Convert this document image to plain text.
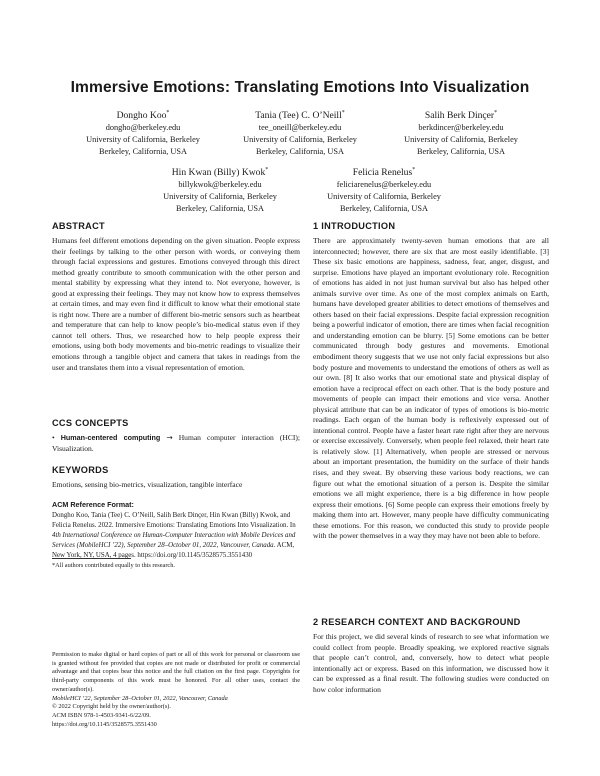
Immersive Emotions: Translating Emotions Into Visualization
Dongho Koo*
dongho@berkeley.edu
University of California, Berkeley
Berkeley, California, USA
Tania (Tee) C. O’Neill*
tee_oneill@berkeley.edu
University of California, Berkeley
Berkeley, California, USA
Salih Berk Dinçer*
berkdincer@berkeley.edu
University of California, Berkeley
Berkeley, California, USA
Hin Kwan (Billy) Kwok*
billykwok@berkeley.edu
University of California, Berkeley
Berkeley, California, USA
Felicia Renelus*
feliciarenelus@berkeley.edu
University of California, Berkeley
Berkeley, California, USA
ABSTRACT

Humans feel different emotions depending on the given situation. People express their feelings by talking to the other person with words, or conveying them through facial expressions and gestures. Emotions conveyed through this direct method greatly contribute to smooth communication with the other person and mental stability by expressing what they intend to. Not everyone, however, is good at expressing their feelings. They may not know how to express themselves at certain times, and may even find it difficult to know what their emotional state is right now. There are a number of different bio-metric sensors such as heartbeat and temperature that can help to know people’s bio-medical status even if they cannot tell others. Thus, we researched how to help people express their emotions, using both body movements and bio-metric readings to visualize their emotions through a tangible object and camera that takes in readings from the user and translates them into a visual representation of emotion.

CCS CONCEPTS

• Human-centered computing → Human computer interaction (HCI); Visualization.

KEYWORDS

Emotions, sensing bio-metrics, visualization, tangible interface

ACM Reference Format:
Dongho Koo, Tania (Tee) C. O’Neill, Salih Berk Dinçer, Hin Kwan (Billy) Kwok, and Felicia Renelus. 2022. Immersive Emotions: Translating Emotions Into Visualization. In 4th International Conference on Human-Computer Interaction with Mobile Devices and Services (MobileHCI ’22), September 28–October 01, 2022, Vancouver, Canada. ACM, New York, NY, USA, 4 pages. https://doi.org/10.1145/3528575.3551430

*All authors contributed equally to this research.

Permission to make digital or hard copies of part or all of this work for personal or classroom use is granted without fee provided that copies are not made or distributed for profit or commercial advantage and that copies bear this notice and the full citation on the first page. Copyrights for third-party components of this work must be honored. For all other uses, contact the owner/author(s).
MobileHCI ’22, September 28–October 01, 2022, Vancouver, Canada
© 2022 Copyright held by the owner/author(s).
ACM ISBN 978-1-4503-9341-6/22/09.
https://doi.org/10.1145/3528575.3551430
1 INTRODUCTION

There are approximately twenty-seven human emotions that are all interconnected; however, there are six that are most easily identifiable. [3] These six basic emotions are happiness, sadness, fear, anger, disgust, and surprise. Emotions have played an important evolutionary role. Recognition of emotions has aided in not just human survival but also has helped other animals survive over time. As one of the most complex animals on Earth, humans have developed greater abilities to detect emotions of themselves and others based on their facial expressions. Despite facial expression recognition being a powerful indicator of emotion, there are times when facial recognition and understanding emotion can be blurry. [5] Some emotions can be better communicated through body gestures and movements. Emotional embodiment theory suggests that we use not only facial expressions but also body posture and movements to understand the emotions of others as well as our own. [8] It also works that our emotional state and physical display of emotion have a reciprocal effect on each other. That is the body posture and movements of people can impact their emotions and vice versa. Another physical attribute that can be an indicator of types of emotions is bio-metric readings. Each organ of the human body is reflexively expressed out of intentional control. People have a faster heart rate right after they are nervous or exercise excessively. Conversely, when people feel relaxed, their heart rate is relatively slow. [1] Alternatively, when people are stressed or nervous about an important presentation, the humidity on the surface of their hands rises, and they sweat. By observing these various body reactions, we can figure out what the emotional situation of a person is. Despite the similar emotions we all might experience, there is a big difference in how people express their emotions. [6] Some people can express their emotions freely by making them into art. However, many people have difficulty communicating these emotions. For this reason, we conducted this study to provide people with the power themselves in a way they may have not been able to before.

2 RESEARCH CONTEXT AND BACKGROUND

For this project, we did several kinds of research to see what information we could collect from people. Broadly speaking, we explored reactive signals that people can’t control, and, conversely, how to detect what people intentionally act or express. Based on this information, we discussed how it can be expressed as a final result. The following studies were conducted on how color information
